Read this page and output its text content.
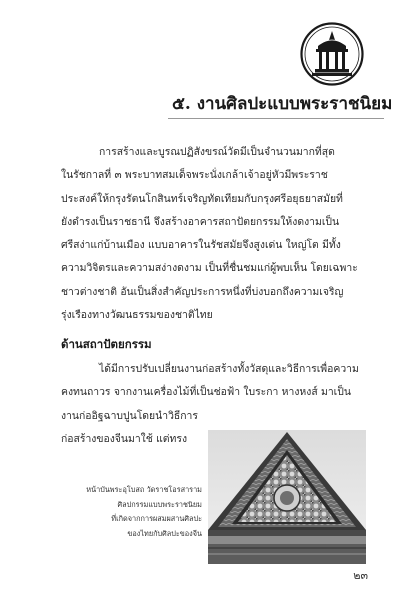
๕. งานศิลปะแบบพระราชนิยม
การสร้างและบูรณปฏิสังขรณ์วัดมีเป็นจำนวนมากที่สุด
ในรัชกาลที่ ๓ พระบาทสมเด็จพระนั่งเกล้าเจ้าอยู่หัวมีพระราช
ประสงค์ให้กรุงรัตนโกสินทร์เจริญทัดเทียมกับกรุงศรีอยุธยาสมัยที่
ยังดำรงเป็นราชธานี จึงสร้างอาคารสถาปัตยกรรมให้งดงามเป็น
ศรีสง่าแก่บ้านเมือง แบบอาคารในรัชสมัยจึงสูงเด่น ใหญ่โต มีทั้ง
ความวิจิตรและความสง่างดงาม เป็นที่ชื่นชมแก่ผู้พบเห็น โดยเฉพาะ
ชาวต่างชาติ อันเป็นสิ่งสำคัญประการหนึ่งที่บ่งบอกถึงความเจริญ
รุ่งเรืองทางวัฒนธรรมของชาติไทย
ด้านสถาปัตยกรรม
ได้มีการปรับเปลี่ยนงานก่อสร้างทั้งวัสดุและวิธีการเพื่อความ
คงทนถาวร จากงานเครื่องไม้ที่เป็นช่อฟ้า ใบระกา หางหงส์ มาเป็น
งานก่ออิฐฉาบปูนโดยนำวิธีการ
ก่อสร้างของจีนมาใช้ แต่ทรง
หน้าบันพระอุโบสถ วัดราชโอรสาราม
ศิลปกรรมแบบพระราชนิยม
ที่เกิดจากการผสมผสานศิลปะ
ของไทยกับศิลปะของจีน
๒๓
